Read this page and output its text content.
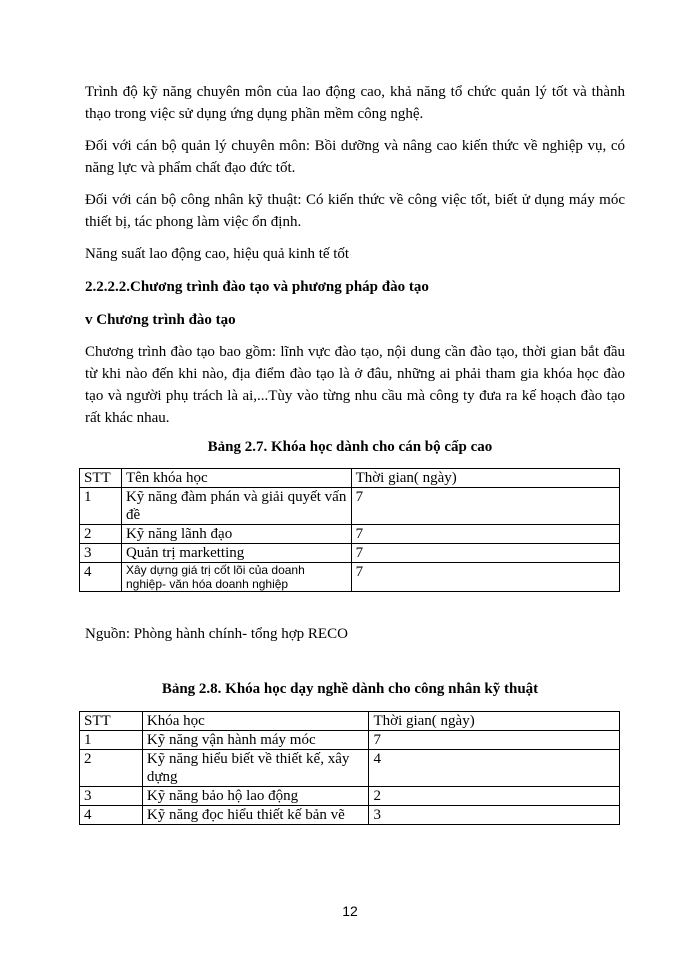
Trình độ kỹ năng chuyên môn của lao động cao, khả năng tổ chức quản lý tốt và thành thạo trong việc sử dụng ứng dụng phần mềm công nghệ.

Đối với cán bộ quản lý chuyên môn: Bồi dưỡng và nâng cao kiến thức về nghiệp vụ, có năng lực và phẩm chất đạo đức tốt.

Đối với cán bộ công nhân kỹ thuật: Có kiến thức về công việc tốt, biết ử dụng máy móc thiết bị, tác phong làm việc ổn định.

Năng suất lao động cao, hiệu quả kinh tế tốt

2.2.2.2.Chương trình đào tạo và phương pháp đào tạo

v Chương trình đào tạo

Chương trình đào tạo bao gồm: lĩnh vực đào tạo, nội dung cần đào tạo, thời gian bắt đầu từ khi nào đến khi nào, địa điểm đào tạo là ở đâu, những ai phải tham gia khóa học đào tạo và người phụ trách là ai,...Tùy vào từng nhu cầu mà công ty đưa ra kế hoạch đào tạo rất khác nhau.

Bảng 2.7. Khóa học dành cho cán bộ cấp cao

STT	Tên khóa học	Thời gian( ngày)
1	Kỹ năng đàm phán và giải quyết vấn đề	7
2	Kỹ năng lãnh đạo	7
3	Quản trị marketting	7
4	Xây dựng giá trị cốt lõi của doanh nghiệp- văn hóa doanh nghiệp	7

Nguồn: Phòng hành chính- tổng hợp RECO

Bảng 2.8. Khóa học dạy nghề dành cho công nhân kỹ thuật

STT	Khóa học	Thời gian( ngày)
1	Kỹ năng vận hành máy móc	7
2	Kỹ năng hiểu biết về thiết kế, xây dựng	4
3	Kỹ năng bảo hộ lao động	2
4	Kỹ năng đọc hiểu thiết kế bản vẽ	3
12
